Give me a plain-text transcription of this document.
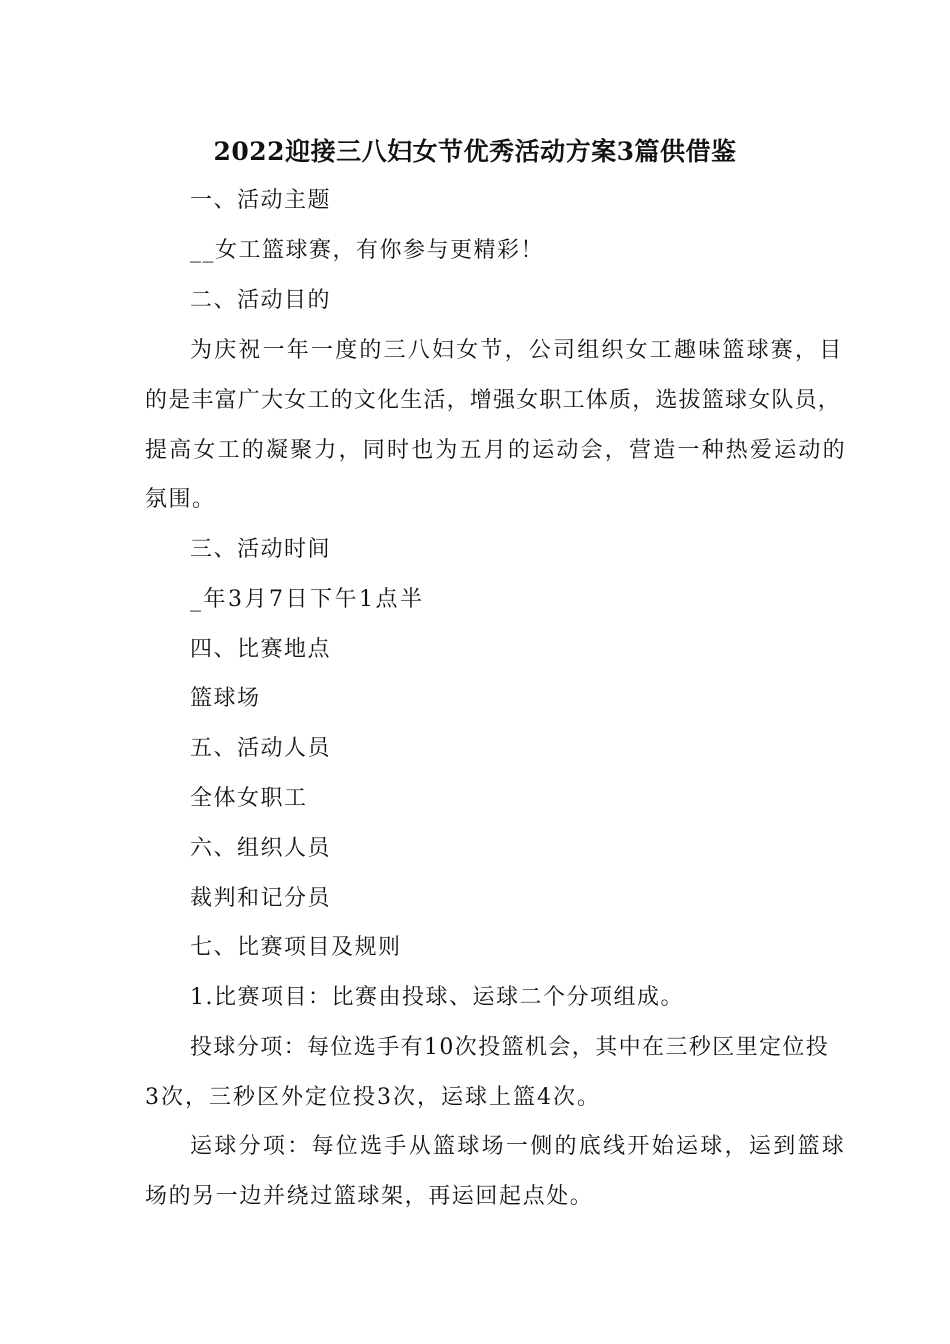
2022迎接三八妇女节优秀活动方案3篇供借鉴
一、活动主题
__女工篮球赛，有你参与更精彩！
二、活动目的
为庆祝一年一度的三八妇女节，公司组织女工趣味篮球赛，目
的是丰富广大女工的文化生活，增强女职工体质，选拔篮球女队员，
提高女工的凝聚力，同时也为五月的运动会，营造一种热爱运动的
氛围。
三、活动时间
_年3月7日下午1点半
四、比赛地点
篮球场
五、活动人员
全体女职工
六、组织人员
裁判和记分员
七、比赛项目及规则
1.比赛项目：比赛由投球、运球二个分项组成。
投球分项：每位选手有10次投篮机会，其中在三秒区里定位投
3次，三秒区外定位投3次，运球上篮4次。
运球分项：每位选手从篮球场一侧的底线开始运球，运到篮球
场的另一边并绕过篮球架，再运回起点处。
